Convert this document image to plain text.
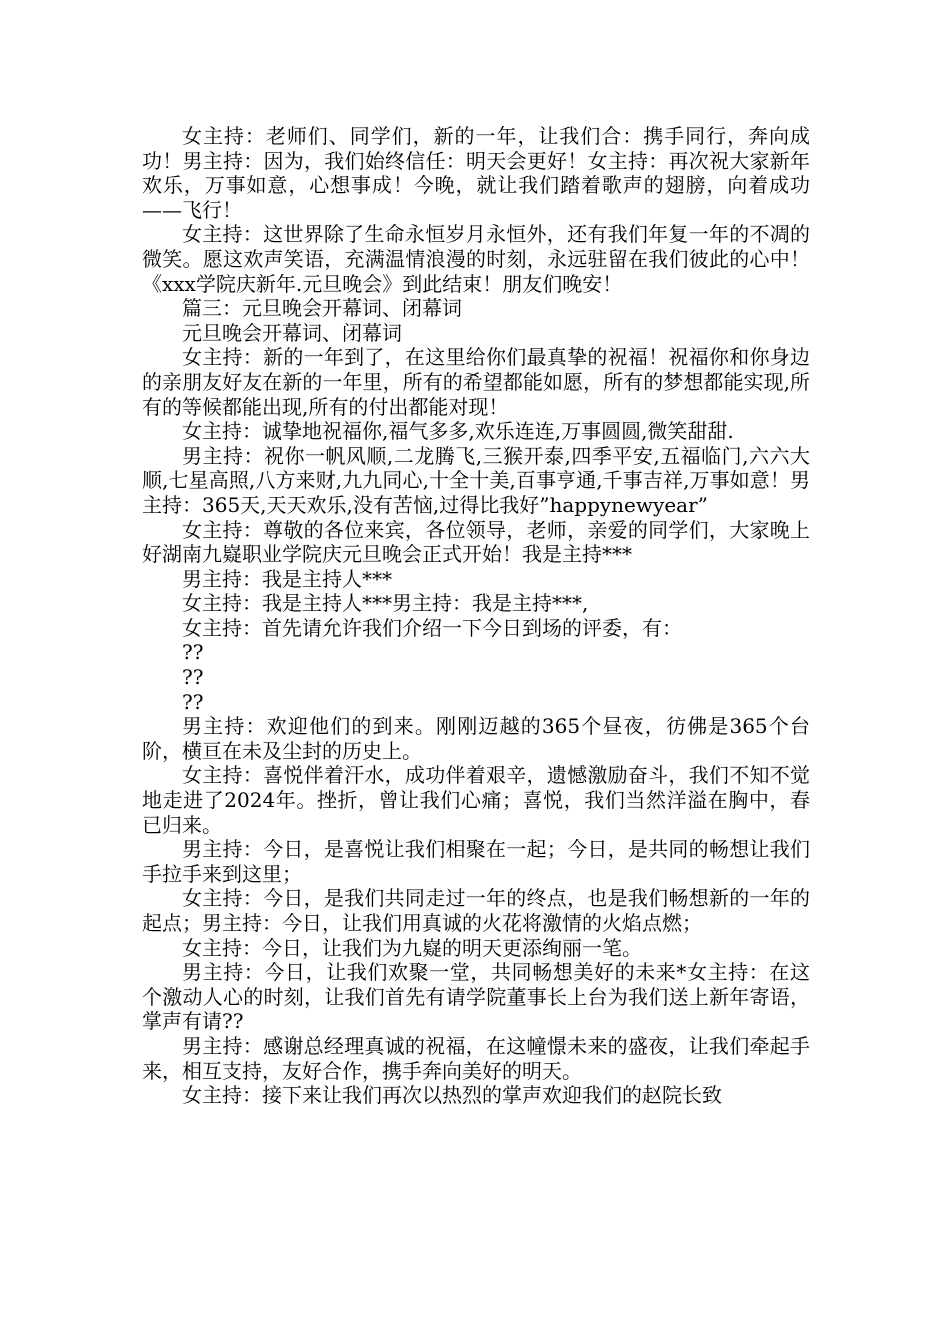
女主持：老师们、同学们，新的一年，让我们合：携手同行，奔向成功！男主持：因为，我们始终信任：明天会更好！女主持：再次祝大家新年欢乐，万事如意，心想事成！今晚，就让我们踏着歌声的翅膀，向着成功——飞行！

女主持：这世界除了生命永恒岁月永恒外，还有我们年复一年的不凋的微笑。愿这欢声笑语，充满温情浪漫的时刻，永远驻留在我们彼此的心中！《xxx学院庆新年.元旦晚会》到此结束！朋友们晚安！

篇三：元旦晚会开幕词、闭幕词

元旦晚会开幕词、闭幕词

女主持：新的一年到了，在这里给你们最真挚的祝福！祝福你和你身边的亲朋友好友在新的一年里，所有的希望都能如愿，所有的梦想都能实现,所有的等候都能出现,所有的付出都能对现！

女主持：诚挚地祝福你,福气多多,欢乐连连,万事圆圆,微笑甜甜.

男主持：祝你一帆风顺,二龙腾飞,三猴开泰,四季平安,五福临门,六六大顺,七星高照,八方来财,九九同心,十全十美,百事亨通,千事吉祥,万事如意！男主持：365天,天天欢乐,没有苦恼,过得比我好”happynewyear”

女主持：尊敬的各位来宾，各位领导，老师，亲爱的同学们，大家晚上好湖南九嶷职业学院庆元旦晚会正式开始！我是主持***

男主持：我是主持人***

女主持：我是主持人***男主持：我是主持***,

女主持：首先请允许我们介绍一下今日到场的评委，有：

??

??

??

男主持：欢迎他们的到来。刚刚迈越的365个昼夜，彷佛是365个台阶，横亘在未及尘封的历史上。

女主持：喜悦伴着汗水，成功伴着艰辛，遗憾激励奋斗，我们不知不觉地走进了2024年。挫折，曾让我们心痛；喜悦，我们当然洋溢在胸中，春已归来。

男主持：今日，是喜悦让我们相聚在一起；今日，是共同的畅想让我们手拉手来到这里；

女主持：今日，是我们共同走过一年的终点，也是我们畅想新的一年的起点；男主持：今日，让我们用真诚的火花将激情的火焰点燃；

女主持：今日，让我们为九嶷的明天更添绚丽一笔。

男主持：今日，让我们欢聚一堂，共同畅想美好的未来*女主持：在这个激动人心的时刻，让我们首先有请学院董事长上台为我们送上新年寄语，掌声有请??

男主持：感谢总经理真诚的祝福，在这幢憬未来的盛夜，让我们牵起手来，相互支持，友好合作，携手奔向美好的明天。

女主持：接下来让我们再次以热烈的掌声欢迎我们的赵院长致
